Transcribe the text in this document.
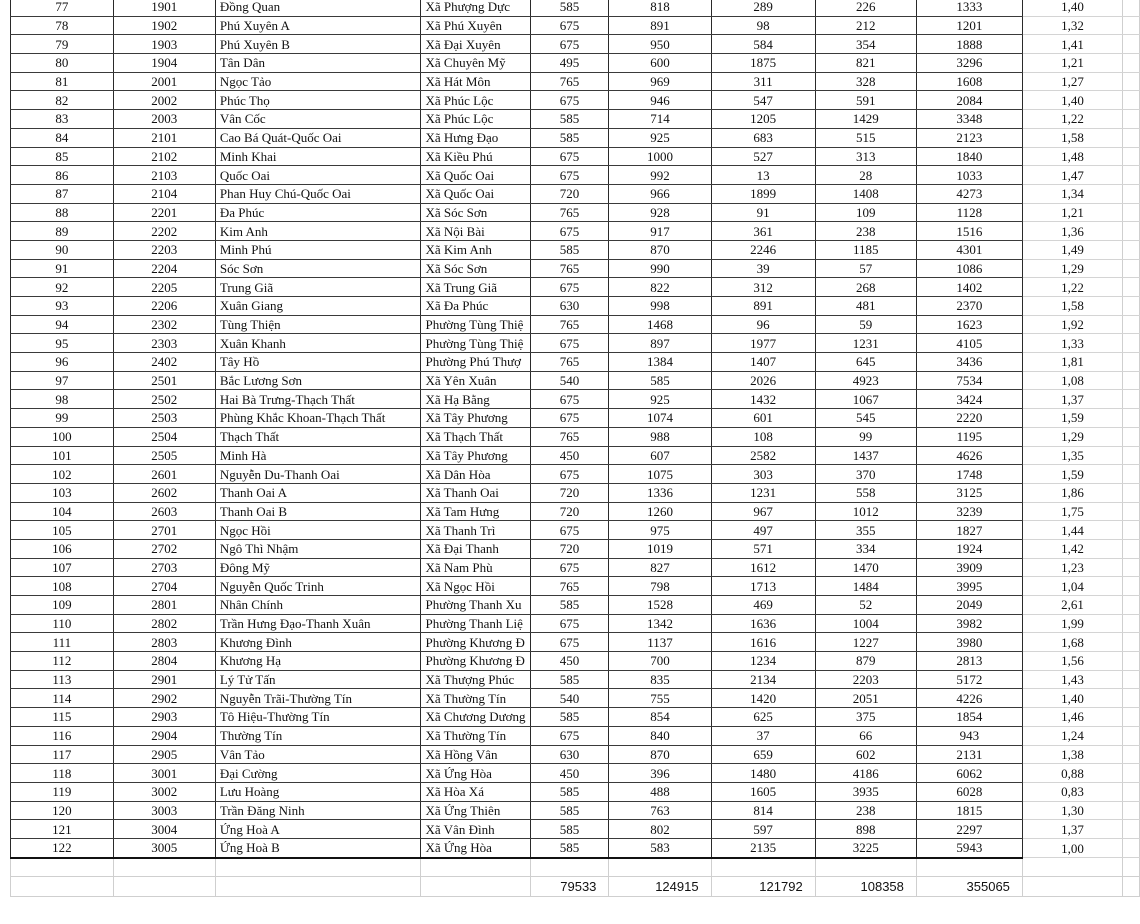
77	1901	Đồng Quan	Xã Phượng Dực	585	818	289	226	1333	1,40	
78	1902	Phú Xuyên A	Xã Phú Xuyên	675	891	98	212	1201	1,32	
79	1903	Phú Xuyên B	Xã Đại Xuyên	675	950	584	354	1888	1,41	
80	1904	Tân Dân	Xã Chuyên Mỹ	495	600	1875	821	3296	1,21	
81	2001	Ngọc Tảo	Xã Hát Môn	765	969	311	328	1608	1,27	
82	2002	Phúc Thọ	Xã Phúc Lộc	675	946	547	591	2084	1,40	
83	2003	Vân Cốc	Xã Phúc Lộc	585	714	1205	1429	3348	1,22	
84	2101	Cao Bá Quát-Quốc Oai	Xã Hưng Đạo	585	925	683	515	2123	1,58	
85	2102	Minh Khai	Xã Kiều Phú	675	1000	527	313	1840	1,48	
86	2103	Quốc Oai	Xã Quốc Oai	675	992	13	28	1033	1,47	
87	2104	Phan Huy Chú-Quốc Oai	Xã Quốc Oai	720	966	1899	1408	4273	1,34	
88	2201	Đa Phúc	Xã Sóc Sơn	765	928	91	109	1128	1,21	
89	2202	Kim Anh	Xã Nội Bài	675	917	361	238	1516	1,36	
90	2203	Minh Phú	Xã Kim Anh	585	870	2246	1185	4301	1,49	
91	2204	Sóc Sơn	Xã Sóc Sơn	765	990	39	57	1086	1,29	
92	2205	Trung Giã	Xã Trung Giã	675	822	312	268	1402	1,22	
93	2206	Xuân Giang	Xã Đa Phúc	630	998	891	481	2370	1,58	
94	2302	Tùng Thiện	Phường Tùng Thiệ	765	1468	96	59	1623	1,92	
95	2303	Xuân Khanh	Phường Tùng Thiệ	675	897	1977	1231	4105	1,33	
96	2402	Tây Hồ	Phường Phú Thượ	765	1384	1407	645	3436	1,81	
97	2501	Bắc Lương Sơn	Xã Yên Xuân	540	585	2026	4923	7534	1,08	
98	2502	Hai Bà Trưng-Thạch Thất	Xã Hạ Bằng	675	925	1432	1067	3424	1,37	
99	2503	Phùng Khắc Khoan-Thạch Thất	Xã Tây Phương	675	1074	601	545	2220	1,59	
100	2504	Thạch Thất	Xã Thạch Thất	765	988	108	99	1195	1,29	
101	2505	Minh Hà	Xã Tây Phương	450	607	2582	1437	4626	1,35	
102	2601	Nguyễn Du-Thanh Oai	Xã Dân Hòa	675	1075	303	370	1748	1,59	
103	2602	Thanh Oai A	Xã Thanh Oai	720	1336	1231	558	3125	1,86	
104	2603	Thanh Oai B	Xã Tam Hưng	720	1260	967	1012	3239	1,75	
105	2701	Ngọc Hồi	Xã Thanh Trì	675	975	497	355	1827	1,44	
106	2702	Ngô Thì Nhậm	Xã Đại Thanh	720	1019	571	334	1924	1,42	
107	2703	Đông Mỹ	Xã Nam Phù	675	827	1612	1470	3909	1,23	
108	2704	Nguyễn Quốc Trinh	Xã Ngọc Hồi	765	798	1713	1484	3995	1,04	
109	2801	Nhân Chính	Phường Thanh Xu	585	1528	469	52	2049	2,61	
110	2802	Trần Hưng Đạo-Thanh Xuân	Phường Thanh Liệ	675	1342	1636	1004	3982	1,99	
111	2803	Khương Đình	Phường Khương Đ	675	1137	1616	1227	3980	1,68	
112	2804	Khương Hạ	Phường Khương Đ	450	700	1234	879	2813	1,56	
113	2901	Lý Tử Tấn	Xã Thượng Phúc	585	835	2134	2203	5172	1,43	
114	2902	Nguyễn Trãi-Thường Tín	Xã Thường Tín	540	755	1420	2051	4226	1,40	
115	2903	Tô Hiệu-Thường Tín	Xã Chương Dương	585	854	625	375	1854	1,46	
116	2904	Thường Tín	Xã Thường Tín	675	840	37	66	943	1,24	
117	2905	Vân Tảo	Xã Hồng Vân	630	870	659	602	2131	1,38	
118	3001	Đại Cường	Xã Ứng Hòa	450	396	1480	4186	6062	0,88	
119	3002	Lưu Hoàng	Xã Hòa Xá	585	488	1605	3935	6028	0,83	
120	3003	Trần Đăng Ninh	Xã Ứng Thiên	585	763	814	238	1815	1,30	
121	3004	Ứng Hoà A	Xã Vân Đình	585	802	597	898	2297	1,37	
122	3005	Ứng Hoà B	Xã Ứng Hòa	585	583	2135	3225	5943	1,00	

				79533	124915	121792	108358	355065		
